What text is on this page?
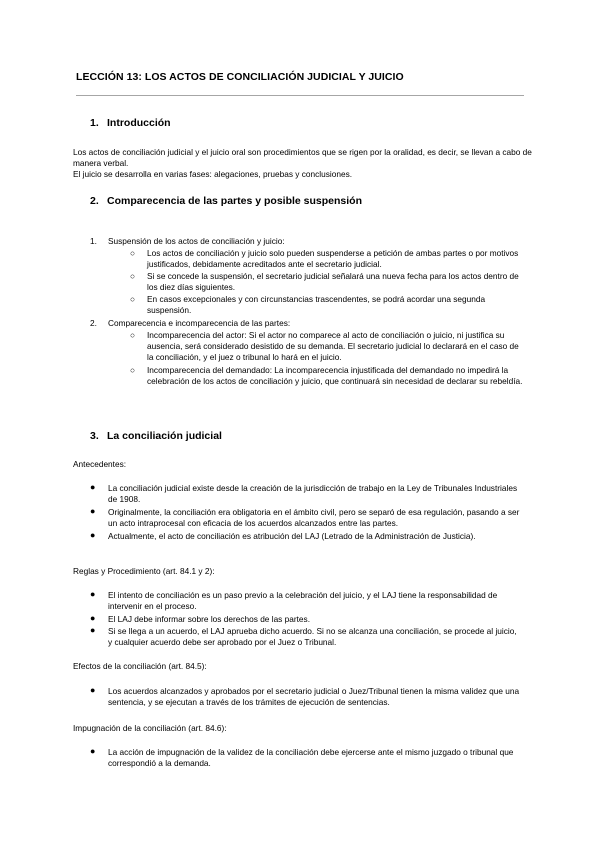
LECCIÓN 13: LOS ACTOS DE CONCILIACIÓN JUDICIAL Y JUICIO
1. Introducción

Los actos de conciliación judicial y el juicio oral son procedimientos que se rigen por la oralidad, es decir, se llevan a cabo de manera verbal.

El juicio se desarrolla en varias fases: alegaciones, pruebas y conclusiones.

2. Comparecencia de las partes y posible suspensión
1. Suspensión de los actos de conciliación y juicio:
○ Los actos de conciliación y juicio solo pueden suspenderse a petición de ambas partes o por motivos justificados, debidamente acreditados ante el secretario judicial.
○ Si se concede la suspensión, el secretario judicial señalará una nueva fecha para los actos dentro de los diez días siguientes.
○ En casos excepcionales y con circunstancias trascendentes, se podrá acordar una segunda suspensión.
2. Comparecencia e incomparecencia de las partes:
○ Incomparecencia del actor: Si el actor no comparece al acto de conciliación o juicio, ni justifica su ausencia, será considerado desistido de su demanda. El secretario judicial lo declarará en el caso de la conciliación, y el juez o tribunal lo hará en el juicio.
○ Incomparecencia del demandado: La incomparecencia injustificada del demandado no impedirá la celebración de los actos de conciliación y juicio, que continuará sin necesidad de declarar su rebeldía.
3. La conciliación judicial
Antecedentes:
● La conciliación judicial existe desde la creación de la jurisdicción de trabajo en la Ley de Tribunales Industriales de 1908.
● Originalmente, la conciliación era obligatoria en el ámbito civil, pero se separó de esa regulación, pasando a ser un acto intraprocesal con eficacia de los acuerdos alcanzados entre las partes.
● Actualmente, el acto de conciliación es atribución del LAJ (Letrado de la Administración de Justicia).
Reglas y Procedimiento (art. 84.1 y 2):
● El intento de conciliación es un paso previo a la celebración del juicio, y el LAJ tiene la responsabilidad de intervenir en el proceso.
● El LAJ debe informar sobre los derechos de las partes.
● Si se llega a un acuerdo, el LAJ aprueba dicho acuerdo. Si no se alcanza una conciliación, se procede al juicio, y cualquier acuerdo debe ser aprobado por el Juez o Tribunal.
Efectos de la conciliación (art. 84.5):
● Los acuerdos alcanzados y aprobados por el secretario judicial o Juez/Tribunal tienen la misma validez que una sentencia, y se ejecutan a través de los trámites de ejecución de sentencias.
Impugnación de la conciliación (art. 84.6):
● La acción de impugnación de la validez de la conciliación debe ejercerse ante el mismo juzgado o tribunal que correspondió a la demanda.
